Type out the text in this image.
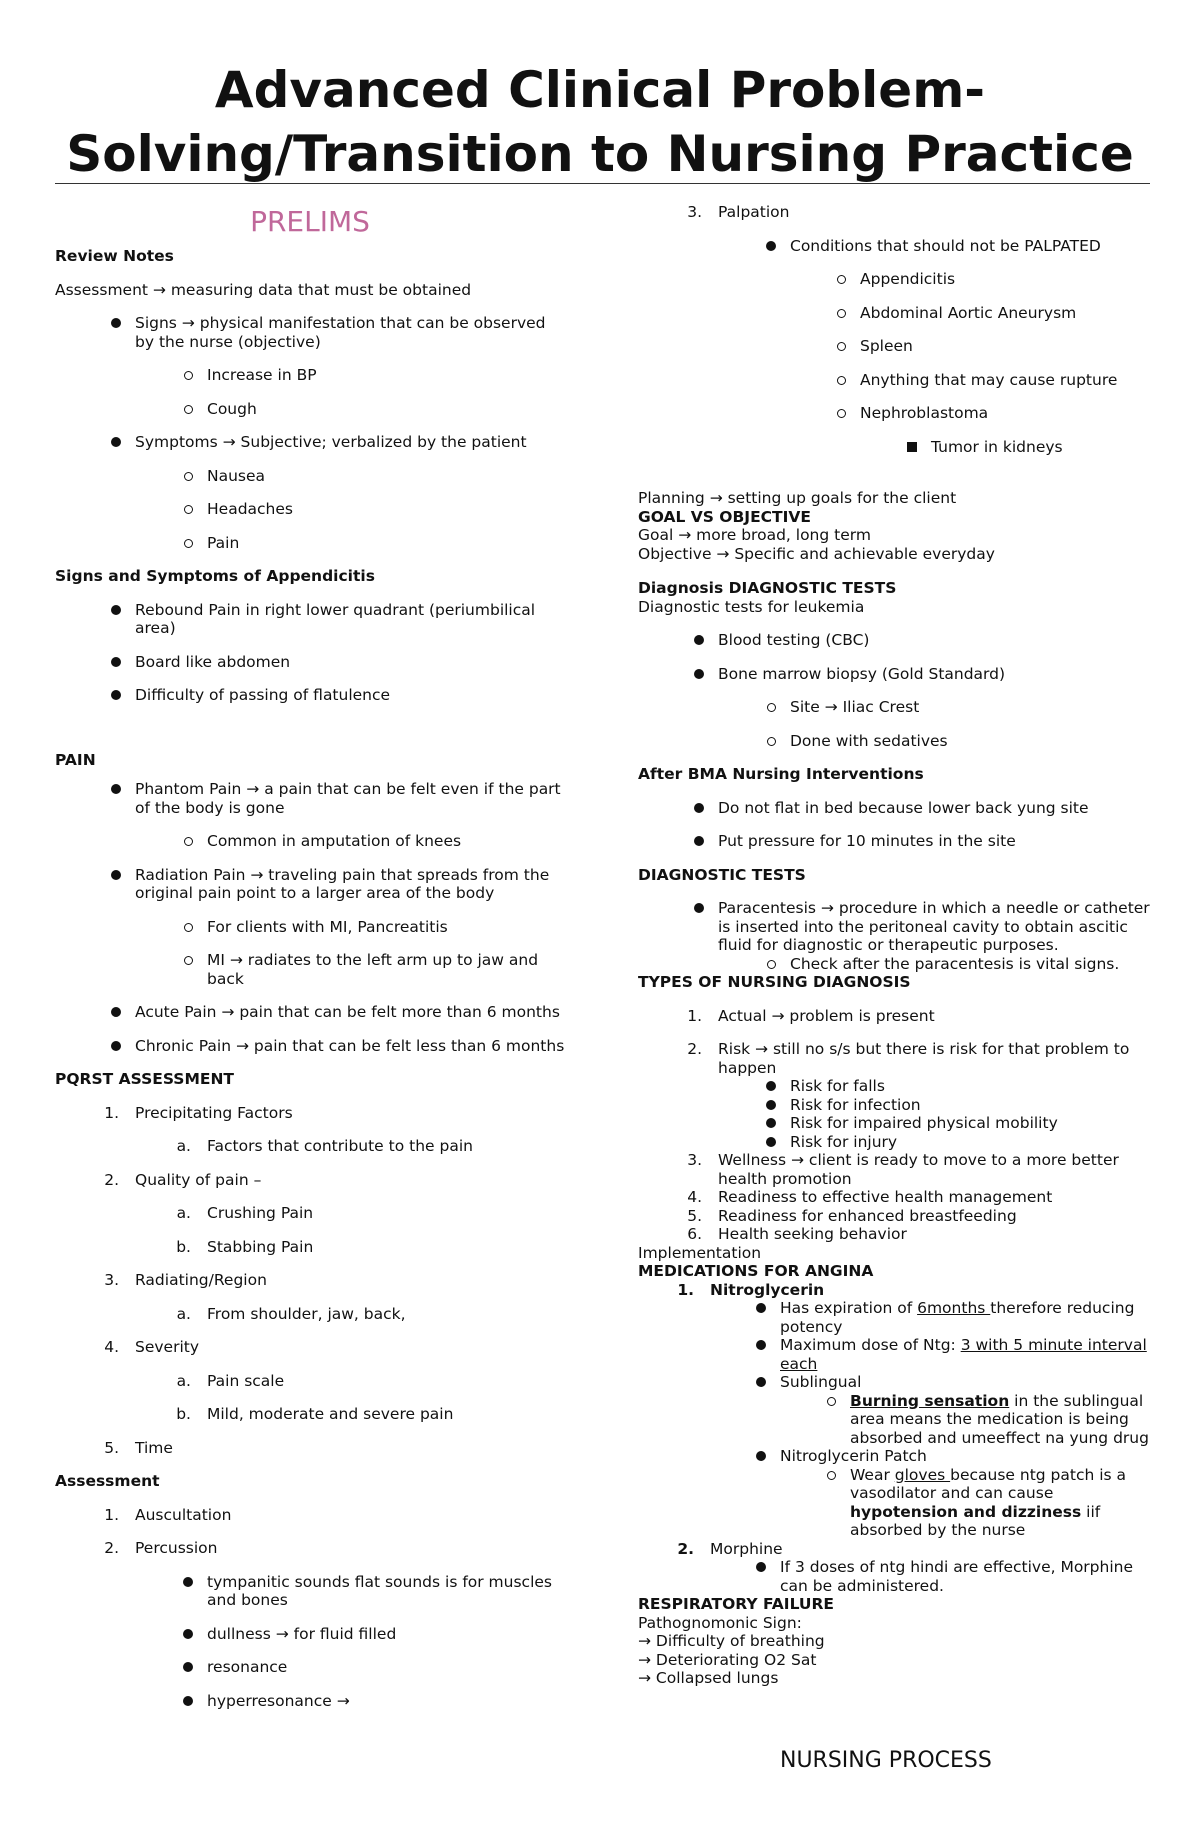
Advanced Clinical Problem-
Solving/Transition to Nursing Practice
PRELIMS
Review Notes
Assessment → measuring data that must be obtained
Signs → physical manifestation that can be observed by the nurse (objective)
Increase in BP
Cough
Symptoms → Subjective; verbalized by the patient
Nausea
Headaches
Pain
Signs and Symptoms of Appendicitis
Rebound Pain in right lower quadrant (periumbilical area)
Board like abdomen
Difficulty of passing of flatulence
PAIN
Phantom Pain → a pain that can be felt even if the part of the body is gone
Common in amputation of knees
Radiation Pain → traveling pain that spreads from the original pain point to a larger area of the body
For clients with MI, Pancreatitis
MI → radiates to the left arm up to jaw and back
Acute Pain → pain that can be felt more than 6 months
Chronic Pain → pain that can be felt less than 6 months
PQRST ASSESSMENT
1. Precipitating Factors
a. Factors that contribute to the pain
2. Quality of pain –
a. Crushing Pain
b. Stabbing Pain
3. Radiating/Region
a. From shoulder, jaw, back,
4. Severity
a. Pain scale
b. Mild, moderate and severe pain
5. Time
Assessment
1. Auscultation
2. Percussion
tympanitic sounds flat sounds is for muscles and bones
dullness → for fluid filled
resonance
hyperresonance →
3. Palpation
Conditions that should not be PALPATED
Appendicitis
Abdominal Aortic Aneurysm
Spleen
Anything that may cause rupture
Nephroblastoma
Tumor in kidneys
Planning → setting up goals for the client
GOAL VS OBJECTIVE
Goal → more broad, long term
Objective → Specific and achievable everyday
Diagnosis DIAGNOSTIC TESTS
Diagnostic tests for leukemia
Blood testing (CBC)
Bone marrow biopsy (Gold Standard)
Site → Iliac Crest
Done with sedatives
After BMA Nursing Interventions
Do not flat in bed because lower back yung site
Put pressure for 10 minutes in the site
DIAGNOSTIC TESTS
Paracentesis → procedure in which a needle or catheter is inserted into the peritoneal cavity to obtain ascitic fluid for diagnostic or therapeutic purposes.
Check after the paracentesis is vital signs.
TYPES OF NURSING DIAGNOSIS
1. Actual → problem is present
2. Risk → still no s/s but there is risk for that problem to happen
Risk for falls
Risk for infection
Risk for impaired physical mobility
Risk for injury
3. Wellness → client is ready to move to a more better health promotion
4. Readiness to effective health management
5. Readiness for enhanced breastfeeding
6. Health seeking behavior
Implementation
MEDICATIONS FOR ANGINA
1. Nitroglycerin
Has expiration of 6months therefore reducing potency
Maximum dose of Ntg: 3 with 5 minute interval each
Sublingual
Burning sensation in the sublingual area means the medication is being absorbed and umeeffect na yung drug
Nitroglycerin Patch
Wear gloves because ntg patch is a vasodilator and can cause hypotension and dizziness iif absorbed by the nurse
2. Morphine
If 3 doses of ntg hindi are effective, Morphine can be administered.
RESPIRATORY FAILURE
Pathognomonic Sign:
→ Difficulty of breathing
→ Deteriorating O2 Sat
→ Collapsed lungs
NURSING PROCESS
